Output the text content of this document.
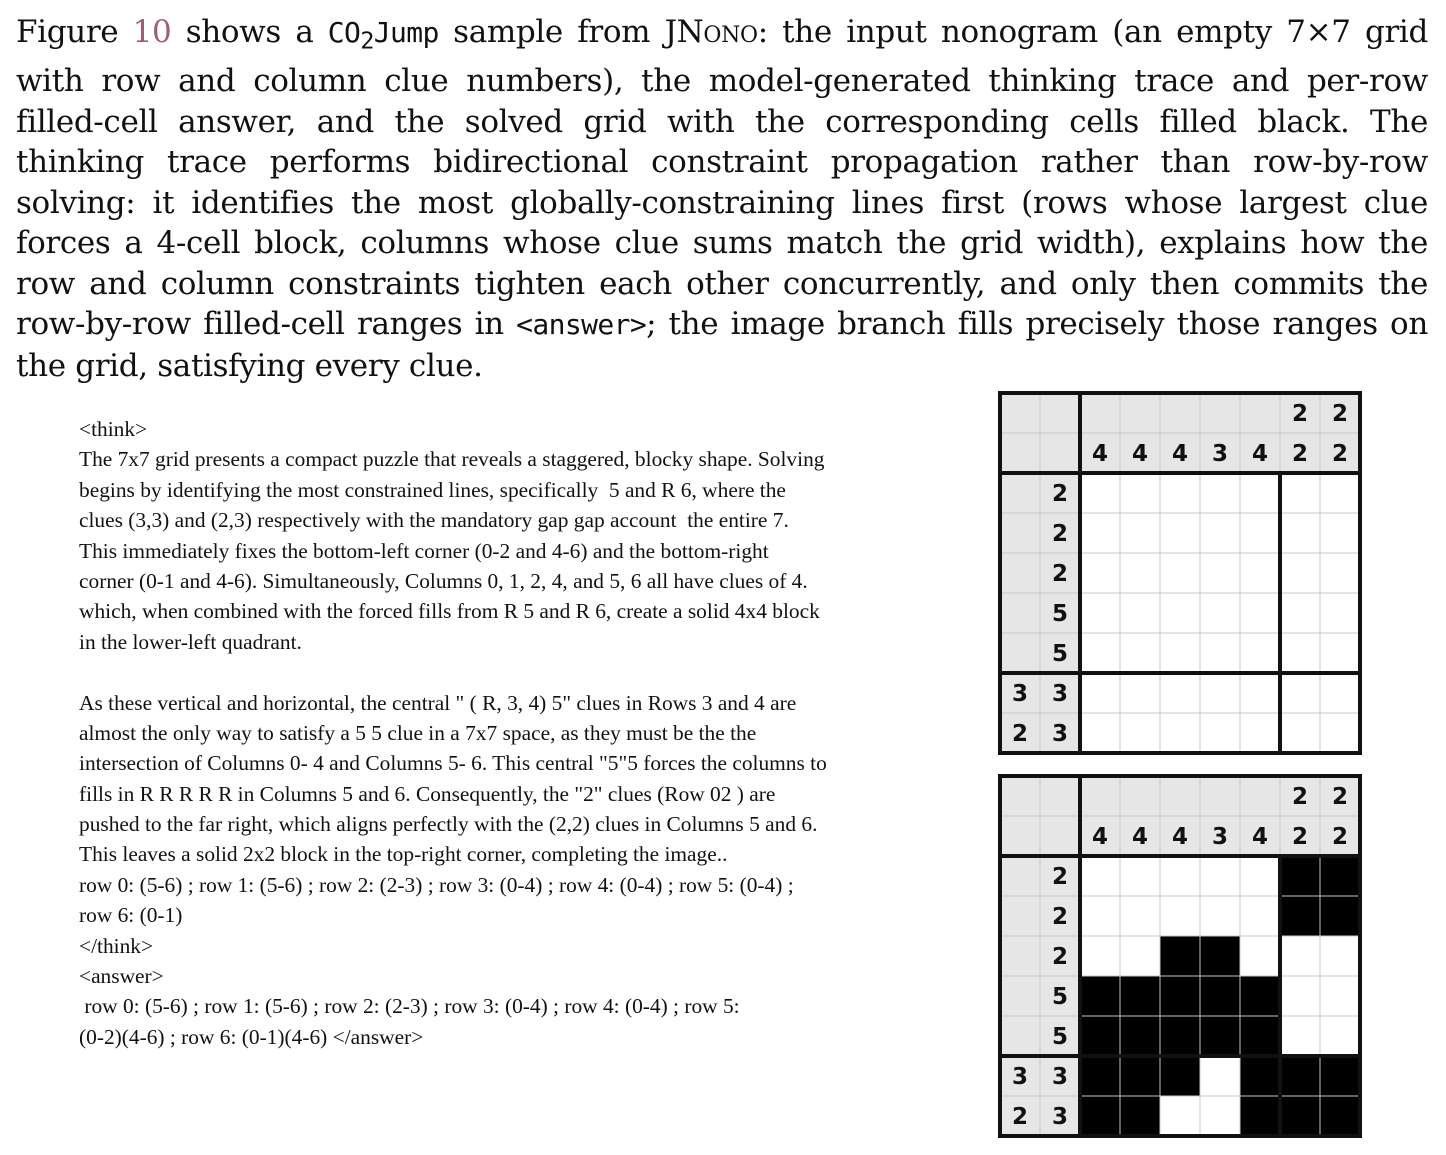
Figure 10 shows a $CO_2Jump$ sample from JNono: the input nonogram (an empty 7×7 grid with row and column clue numbers), the model-generated thinking trace and per-row filled-cell answer, and the solved grid with the corresponding cells filled black. The thinking trace performs bidirectional constraint propagation rather than row-by-row solving: it identifies the most globally-constraining lines first (rows whose largest clue forces a 4-cell block, columns whose clue sums match the grid width), explains how the row and column constraints tighten each other concurrently, and only then commits the row-by-row filled-cell ranges in <answer>; the image branch fills precisely those ranges on the grid, satisfying every clue.
<think>
The 7x7 grid presents a compact puzzle that reveals a staggered, blocky shape. Solving
begins by identifying the most constrained lines, specifically  5 and R 6, where the
clues (3,3) and (2,3) respectively with the mandatory gap gap account  the entire 7.
This immediately fixes the bottom-left corner (0-2 and 4-6) and the bottom-right
corner (0-1 and 4-6). Simultaneously, Columns 0, 1, 2, 4, and 5, 6 all have clues of 4.
which, when combined with the forced fills from R 5 and R 6, create a solid 4x4 block
in the lower-left quadrant.
As these vertical and horizontal, the central " ( R, 3, 4) 5" clues in Rows 3 and 4 are
almost the only way to satisfy a 5 5 clue in a 7x7 space, as they must be the the
intersection of Columns 0- 4 and Columns 5- 6. This central "5"5 forces the columns to
fills in R R R R R in Columns 5 and 6. Consequently, the "2" clues (Row 02 ) are
pushed to the far right, which aligns perfectly with the (2,2) clues in Columns 5 and 6.
This leaves a solid 2x2 block in the top-right corner, completing the image..
row 0: (5-6) ; row 1: (5-6) ; row 2: (2-3) ; row 3: (0-4) ; row 4: (0-4) ; row 5: (0-4) ;
row 6: (0-1)
</think>
<answer>
row 0: (5-6) ; row 1: (5-6) ; row 2: (2-3) ; row 3: (0-4) ; row 4: (0-4) ; row 5:
(0-2)(4-6) ; row 6: (0-1)(4-6) </answer>
4 4 4 3 4
2
2
2
2
2
2
2
5
5
3 3
2 3
4 4 4 3 4
2
2
2
2
2
2
2
5
5
3 3
2 3
